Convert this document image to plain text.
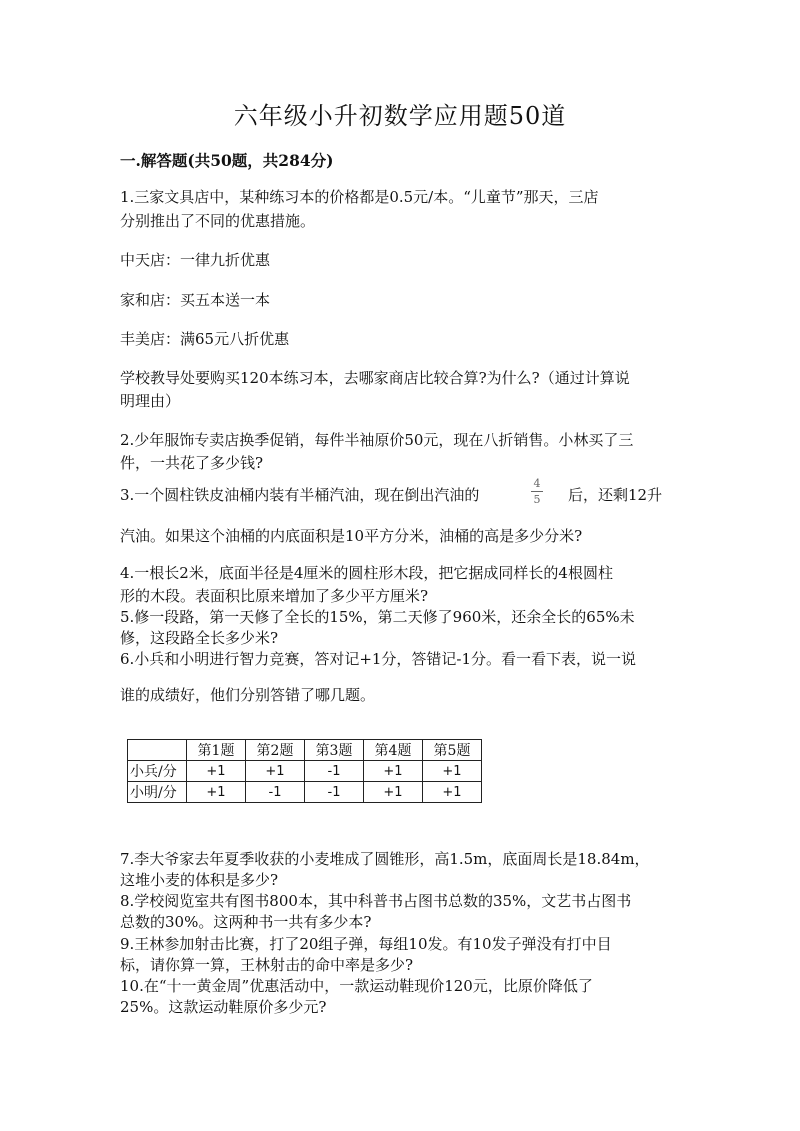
六年级小升初数学应用题50道
一.解答题(共50题，共284分)
1.三家文具店中，某种练习本的价格都是0.5元/本。“儿童节”那天，三店
分别推出了不同的优惠措施。
中天店：一律九折优惠
家和店：买五本送一本
丰美店：满65元八折优惠
学校教导处要购买120本练习本，去哪家商店比较合算?为什么?（通过计算说
明理由）
2.少年服饰专卖店换季促销，每件半袖原价50元，现在八折销售。小林买了三
件，一共花了多少钱?
3.一个圆柱铁皮油桶内装有半桶汽油，现在倒出汽油的
4
5 后，还剩12升
汽油。如果这个油桶的内底面积是10平方分米，油桶的高是多少分米?
4.一根长2米，底面半径是4厘米的圆柱形木段，把它据成同样长的4根圆柱
形的木段。表面积比原来增加了多少平方厘米?
5.修一段路，第一天修了全长的15%，第二天修了960米，还余全长的65%未
修，这段路全长多少米?
6.小兵和小明进行智力竞赛，答对记+1分，答错记-1分。看一看下表，说一说
谁的成绩好，他们分别答错了哪几题。
	第1题	第2题	第3题	第4题	第5题
小兵/分	+1	+1	-1	+1	+1
小明/分	+1	-1	-1	+1	+1
7.李大爷家去年夏季收获的小麦堆成了圆锥形，高1.5m，底面周长是18.84m，
这堆小麦的体积是多少?
8.学校阅览室共有图书800本，其中科普书占图书总数的35%，文艺书占图书
总数的30%。这两种书一共有多少本?
9.王林参加射击比赛，打了20组子弹，每组10发。有10发子弹没有打中目
标，请你算一算，王林射击的命中率是多少?
10.在“十一黄金周”优惠活动中，一款运动鞋现价120元，比原价降低了
25%。这款运动鞋原价多少元?
